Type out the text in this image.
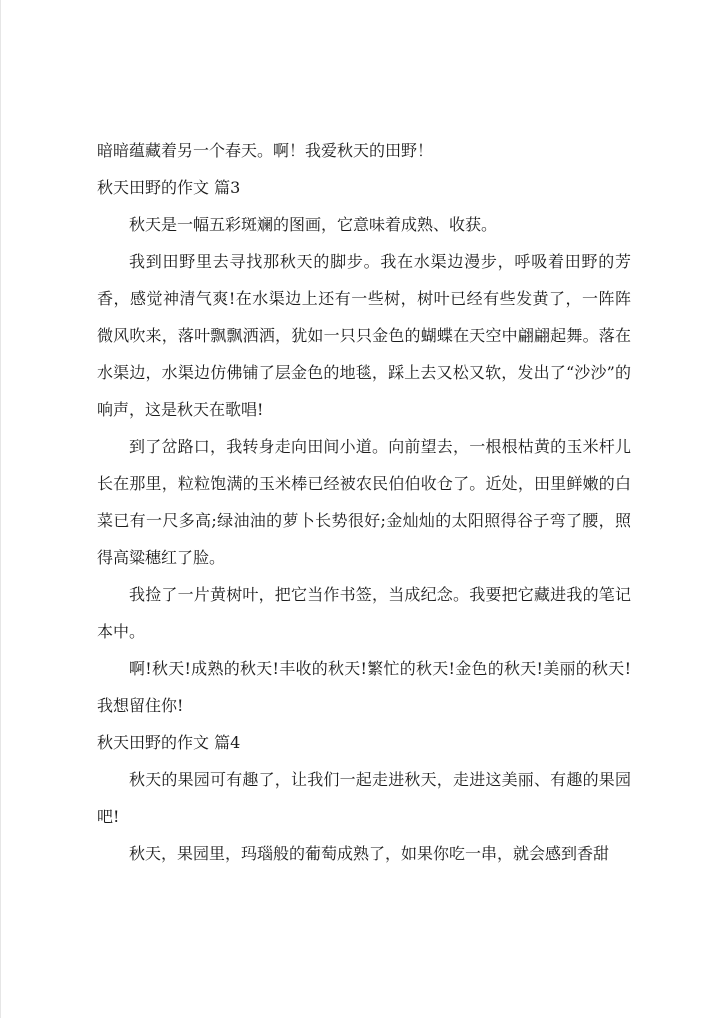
暗暗蕴藏着另一个春天。啊！我爱秋天的田野！

秋天田野的作文 篇3

秋天是一幅五彩斑斓的图画，它意味着成熟、收获。

我到田野里去寻找那秋天的脚步。我在水渠边漫步，呼吸着田野的芳香，感觉神清气爽!在水渠边上还有一些树，树叶已经有些发黄了，一阵阵微风吹来，落叶飘飘洒洒，犹如一只只金色的蝴蝶在天空中翩翩起舞。落在水渠边，水渠边仿佛铺了层金色的地毯，踩上去又松又软，发出了“沙沙”的响声，这是秋天在歌唱!

到了岔路口，我转身走向田间小道。向前望去，一根根枯黄的玉米杆儿长在那里，粒粒饱满的玉米棒已经被农民伯伯收仓了。近处，田里鲜嫩的白菜已有一尺多高;绿油油的萝卜长势很好;金灿灿的太阳照得谷子弯了腰，照得高粱穗红了脸。

我捡了一片黄树叶，把它当作书签，当成纪念。我要把它藏进我的笔记本中。

啊!秋天!成熟的秋天!丰收的秋天!繁忙的秋天!金色的秋天!美丽的秋天!我想留住你!

秋天田野的作文 篇4

秋天的果园可有趣了，让我们一起走进秋天，走进这美丽、有趣的果园吧!

秋天，果园里，玛瑙般的葡萄成熟了，如果你吃一串，就会感到香甜
